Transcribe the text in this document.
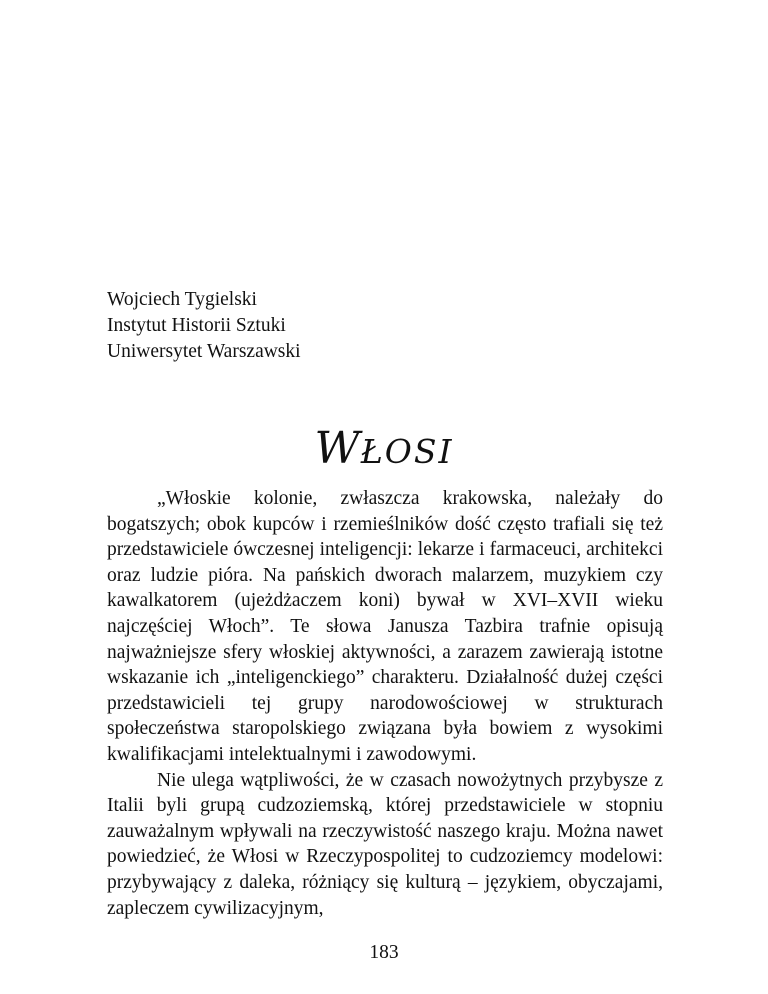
Wojciech Tygielski
Instytut Historii Sztuki
Uniwersytet Warszawski
WŁOSI

„Włoskie kolonie, zwłaszcza krakowska, należały do bogatszych; obok kupców i rzemieślników dość często trafiali się też przedstawiciele ówczesnej inteligencji: lekarze i farmaceuci, architekci oraz ludzie pióra. Na pańskich dworach malarzem, muzykiem czy kawalkatorem (ujeżdżaczem koni) bywał w XVI–XVII wieku najczęściej Włoch”. Te słowa Janusza Tazbira trafnie opisują najważniejsze sfery włoskiej aktywności, a zarazem zawierają istotne wskazanie ich „inteligenckiego” charakteru. Działalność dużej części przedstawicieli tej grupy narodowościowej w strukturach społeczeństwa staropolskiego związana była bowiem z wysokimi kwalifikacjami intelektualnymi i zawodowymi.

Nie ulega wątpliwości, że w czasach nowożytnych przybysze z Italii byli grupą cudzoziemską, której przedstawiciele w stopniu zauważalnym wpływali na rzeczywistość naszego kraju. Można nawet powiedzieć, że Włosi w Rzeczypospolitej to cudzoziemcy modelowi: przybywający z daleka, różniący się kulturą – językiem, obyczajami, zapleczem cywilizacyjnym,

183
